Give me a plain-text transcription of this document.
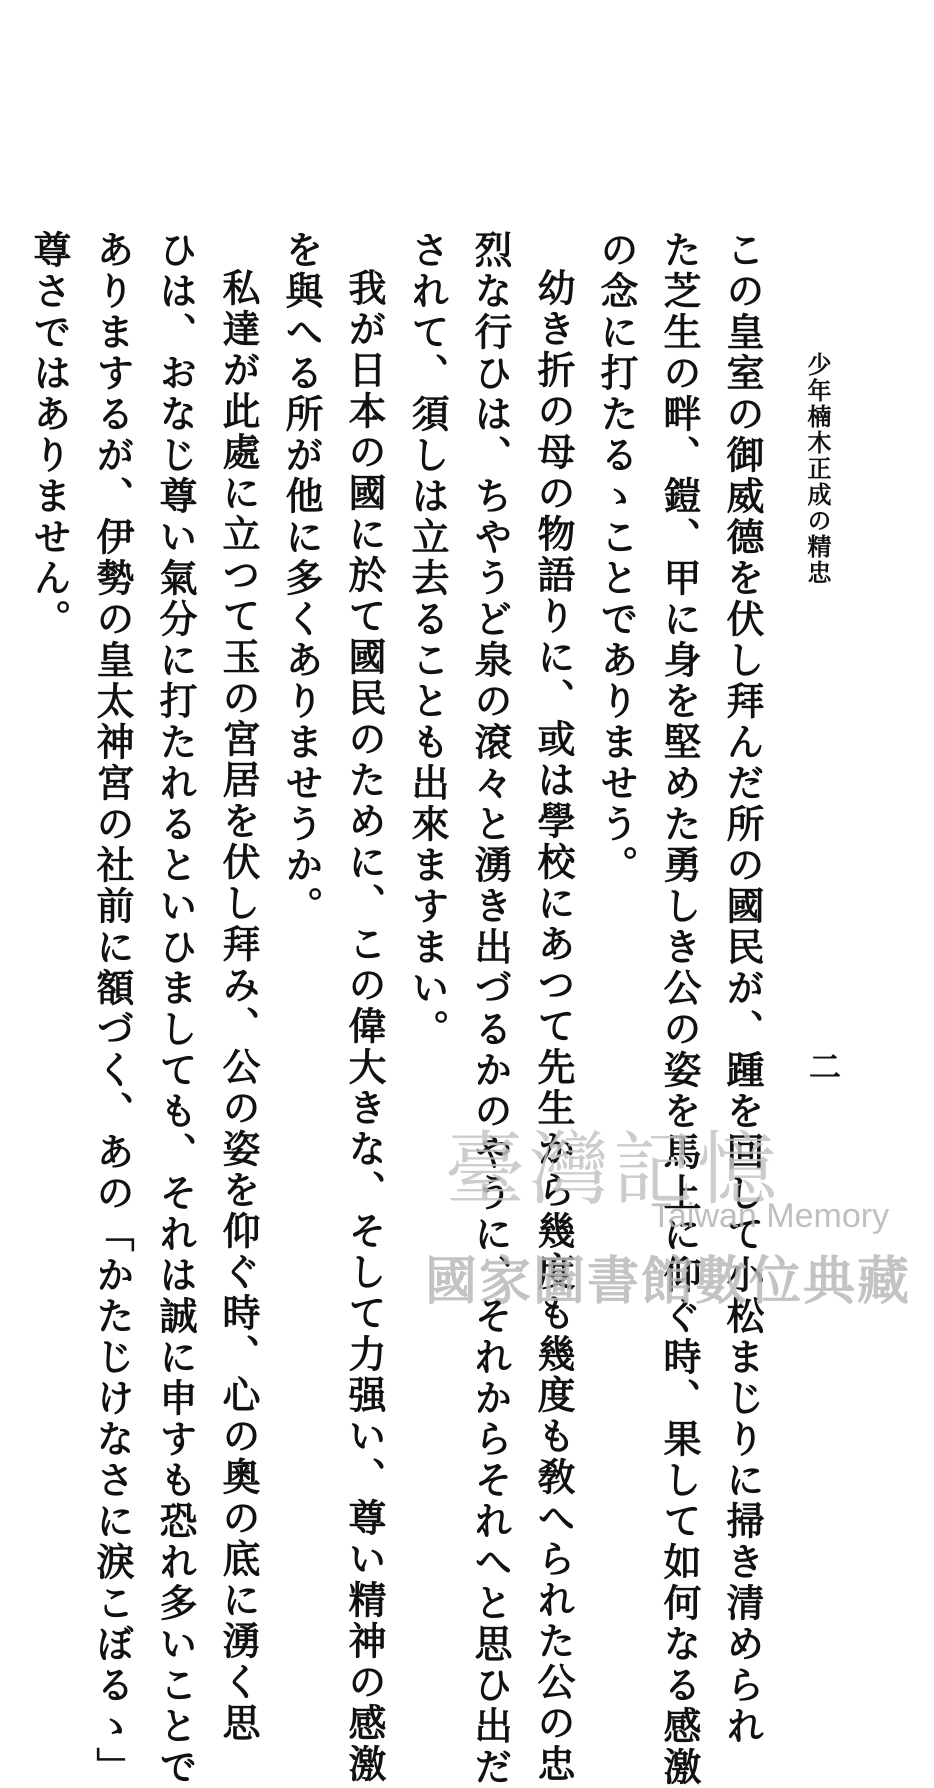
少年楠木正成の精忠
二
この皇室の御威德を伏し拜んだ所の國民が、踵を回して小松まじりに掃き清められ
た芝生の畔、鎧、甲に身を堅めた勇しき公の姿を馬上に仰ぐ時、果して如何なる感激
の念に打たるゝことでありませう。
幼き折の母の物語りに、或は學校にあつて先生から幾度も幾度も敎へられた公の忠
烈な行ひは、ちやうど泉の滾々と湧き出づるかのやうに、それからそれへと思ひ出だ
されて、須しは立去ることも出來ますまい。
我が日本の國に於て國民のために、この偉大きな、そして力强い、尊い精神の感激
を與へる所が他に多くありませうか。
私達が此處に立つて玉の宮居を伏し拜み、公の姿を仰ぐ時、心の奧の底に湧く思
ひは、おなじ尊い氣分に打たれるといひましても、それは誠に申すも恐れ多いことで
ありまするが、伊勢の皇太神宮の社前に額づく、あの「かたじけなさに淚こぼるゝ」
尊さではありません。
臺灣記憶
Taiwan Memory
國家圖書館數位典藏
